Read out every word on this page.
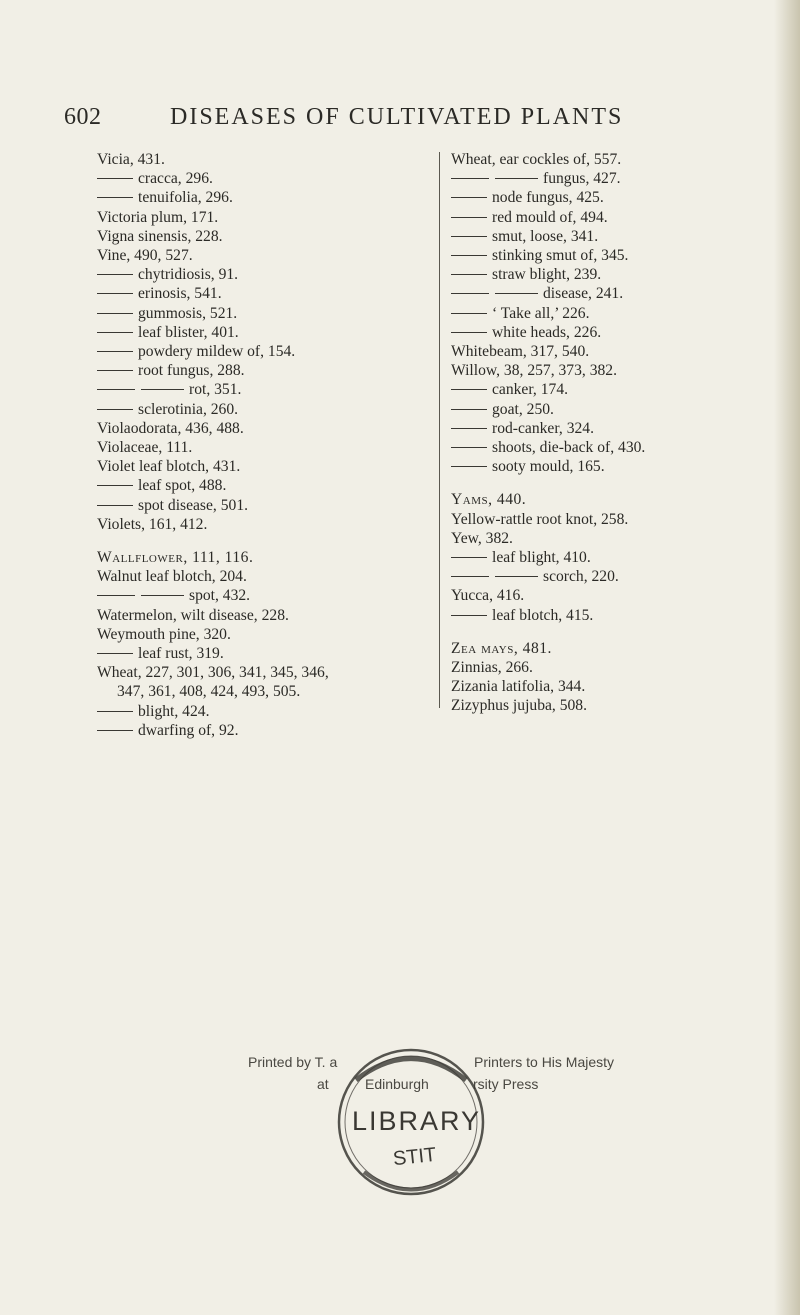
602	DISEASES OF CULTIVATED PLANTS
Vicia, 431.
cracca, 296.
tenuifolia, 296.
Victoria plum, 171.
Vigna sinensis, 228.
Vine, 490, 527.
chytridiosis, 91.
erinosis, 541.
gummosis, 521.
leaf blister, 401.
powdery mildew of, 154.
root fungus, 288.
rot, 351.
sclerotinia, 260.
Violaodorata, 436, 488.
Violaceae, 111.
Violet leaf blotch, 431.
leaf spot, 488.
spot disease, 501.
Violets, 161, 412.
Wallflower, 111, 116.
Walnut leaf blotch, 204.
spot, 432.
Watermelon, wilt disease, 228.
Weymouth pine, 320.
leaf rust, 319.
Wheat, 227, 301, 306, 341, 345, 346,
347, 361, 408, 424, 493, 505.
blight, 424.
dwarfing of, 92.
Wheat, ear cockles of, 557.
fungus, 427.
node fungus, 425.
red mould of, 494.
smut, loose, 341.
stinking smut of, 345.
straw blight, 239.
disease, 241.
‘ Take all,’ 226.
white heads, 226.
Whitebeam, 317, 540.
Willow, 38, 257, 373, 382.
canker, 174.
goat, 250.
rod-canker, 324.
shoots, die-back of, 430.
sooty mould, 165.
Yams, 440.
Yellow-rattle root knot, 258.
Yew, 382.
leaf blight, 410.
scorch, 220.
Yucca, 416.
leaf blotch, 415.
Zea mays, 481.
Zinnias, 266.
Zizania latifolia, 344.
Zizyphus jujuba, 508.
Printed by T. a
at
Printers to His Majesty
rsity Press
Edinburgh
LIBRARY
STIT
